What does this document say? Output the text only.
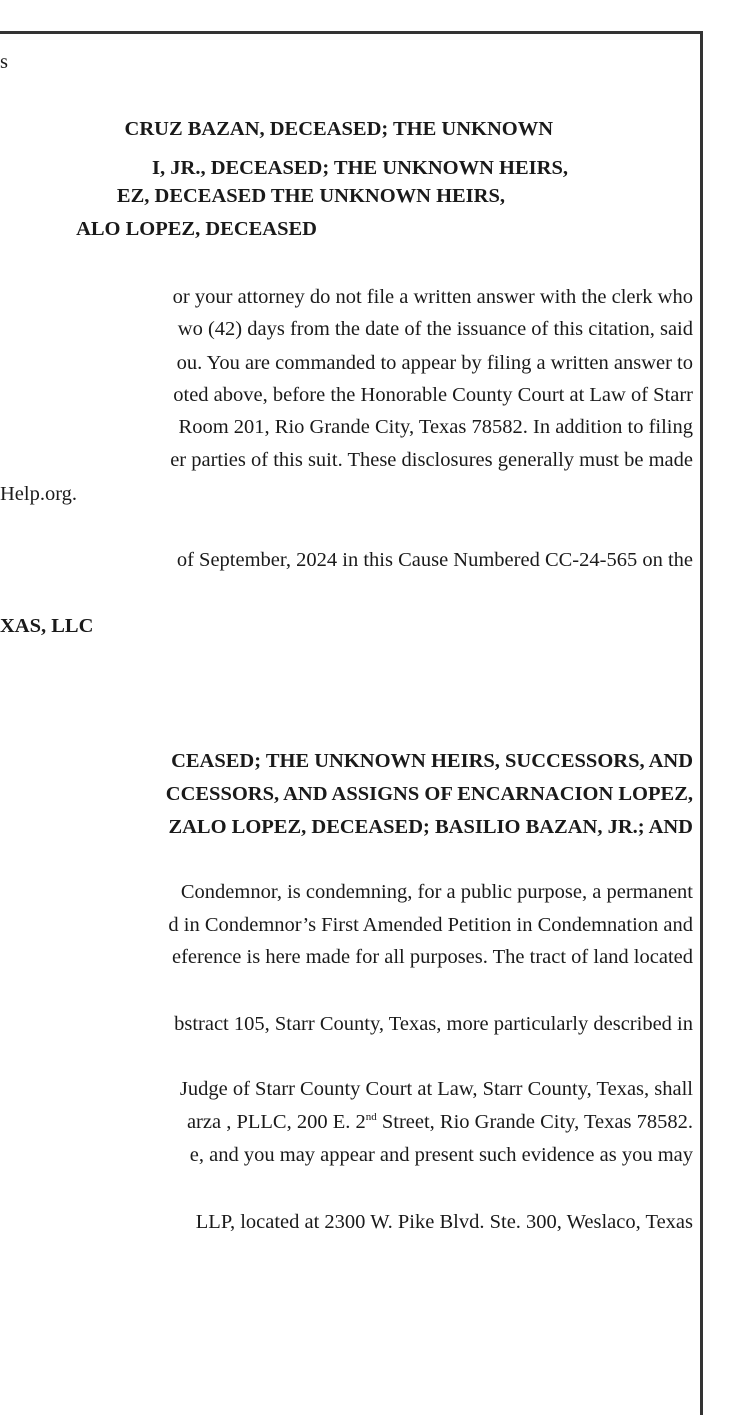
s
CRUZ BAZAN, DECEASED; THE UNKNOWN
I, JR., DECEASED; THE UNKNOWN HEIRS,
EZ, DECEASED THE UNKNOWN HEIRS,
ALO LOPEZ, DECEASED
or your attorney do not file a written answer with the clerk who
wo (42) days from the date of the issuance of this citation, said
ou. You are commanded to appear by filing a written answer to
oted above, before the Honorable County Court at Law of Starr
Room 201, Rio Grande City, Texas 78582. In addition to filing
er parties of this suit. These disclosures generally must be made
Help.org.
of September, 2024 in this Cause Numbered CC-24-565 on the
XAS, LLC
CEASED; THE UNKNOWN HEIRS, SUCCESSORS, AND
CCESSORS, AND ASSIGNS OF ENCARNACION LOPEZ,
ZALO LOPEZ, DECEASED; BASILIO BAZAN, JR.; AND
Condemnor, is condemning, for a public purpose, a permanent
d in Condemnor’s First Amended Petition in Condemnation and
eference is here made for all purposes. The tract of land located
bstract 105, Starr County, Texas, more particularly described in
Judge of Starr County Court at Law, Starr County, Texas, shall
arza , PLLC, 200 E. 2nd Street, Rio Grande City, Texas 78582.
e, and you may appear and present such evidence as you may
LLP, located at 2300 W. Pike Blvd. Ste. 300, Weslaco, Texas
